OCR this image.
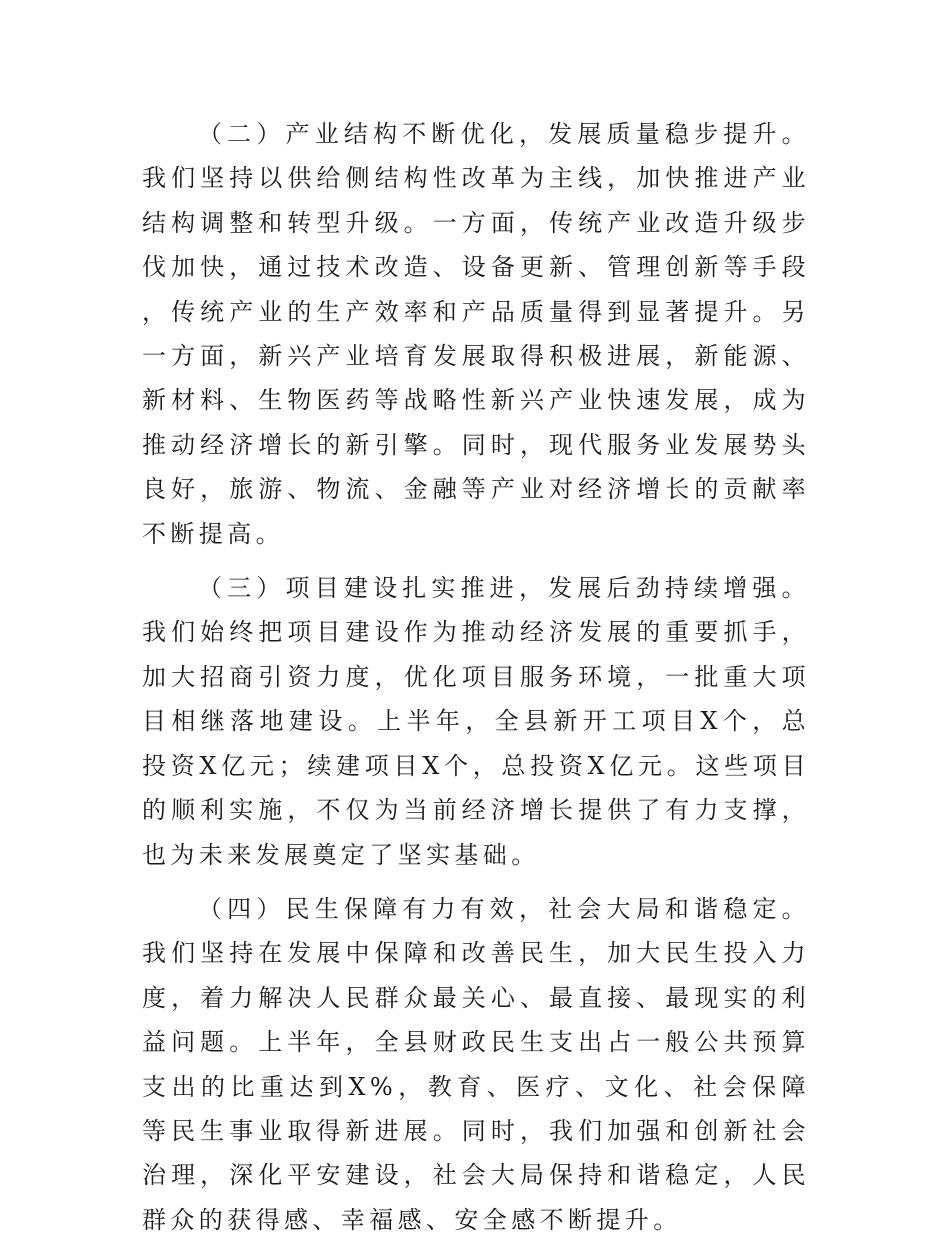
（二）产业结构不断优化，发展质量稳步提升。我们坚持以供给侧结构性改革为主线，加快推进产业结构调整和转型升级。一方面，传统产业改造升级步伐加快，通过技术改造、设备更新、管理创新等手段，传统产业的生产效率和产品质量得到显著提升。另一方面，新兴产业培育发展取得积极进展，新能源、新材料、生物医药等战略性新兴产业快速发展，成为推动经济增长的新引擎。同时，现代服务业发展势头良好，旅游、物流、金融等产业对经济增长的贡献率不断提高。

（三）项目建设扎实推进，发展后劲持续增强。我们始终把项目建设作为推动经济发展的重要抓手，加大招商引资力度，优化项目服务环境，一批重大项目相继落地建设。上半年，全县新开工项目X个，总投资X亿元；续建项目X个，总投资X亿元。这些项目的顺利实施，不仅为当前经济增长提供了有力支撑，也为未来发展奠定了坚实基础。

（四）民生保障有力有效，社会大局和谐稳定。我们坚持在发展中保障和改善民生，加大民生投入力度，着力解决人民群众最关心、最直接、最现实的利益问题。上半年，全县财政民生支出占一般公共预算支出的比重达到X%，教育、医疗、文化、社会保障等民生事业取得新进展。同时，我们加强和创新社会治理，深化平安建设，社会大局保持和谐稳定，人民群众的获得感、幸福感、安全感不断提升。
